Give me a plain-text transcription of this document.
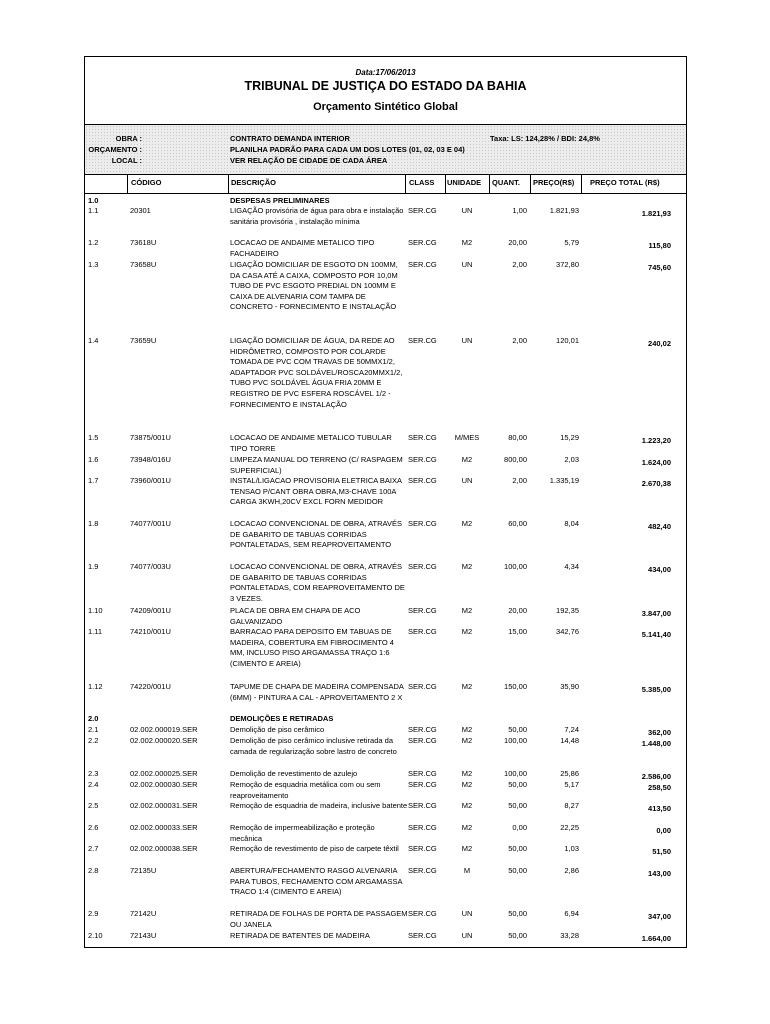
Data:17/06/2013
TRIBUNAL DE JUSTIÇA DO ESTADO DA BAHIA
Orçamento Sintético Global
OBRA :	CONTRATO DEMANDA INTERIOR	Taxa: LS: 124,28% / BDI: 24,8%
ORÇAMENTO :	PLANILHA PADRÃO PARA CADA UM DOS LOTES (01, 02, 03 E 04)
LOCAL :	VER RELAÇÃO DE CIDADE DE CADA ÁREA
CÓDIGO	DESCRIÇÃO	CLASS UNIDADE QUANT. PREÇO(R$) PREÇO TOTAL (R$)
1.0	DESPESAS PRELIMINARES
1.1	20301	LIGAÇÃO provisória de água para obra e instalação sanitária provisória , instalação mínima
SER.CG	UN	1,00	1.821,93	1.821,93
1.2	73618U	LOCACAO DE ANDAIME METALICO TIPO FACHADEIRO
SER.CG	M2	20,00	5,79	115,80
1.3	73658U	LIGAÇÃO DOMICILIAR DE ESGOTO DN 100MM, DA CASA ATÉ A CAIXA, COMPOSTO POR 10,0M TUBO DE PVC ESGOTO PREDIAL DN 100MM E CAIXA DE ALVENARIA COM TAMPA DE CONCRETO - FORNECIMENTO E INSTALAÇÃO
SER.CG	UN	2,00	372,80	745,60
1.4	73659U	LIGAÇÃO DOMICILIAR DE ÁGUA, DA REDE AO HIDRÔMETRO, COMPOSTO POR COLARDE TOMADA DE PVC COM TRAVAS DE 50MMX1/2, ADAPTADOR PVC SOLDÁVEL/ROSCA20MMX1/2, TUBO PVC SOLDÁVEL ÁGUA FRIA 20MM E REGISTRO DE PVC ESFERA ROSCÁVEL 1/2 - FORNECIMENTO E INSTALAÇÃO
SER.CG	UN	2,00	120,01	240,02
1.5	73875/001U	LOCACAO DE ANDAIME METALICO TUBULAR TIPO TORRE
SER.CG	M/MES	80,00	15,29	1.223,20
1.6	73948/016U	LIMPEZA MANUAL DO TERRENO (C/ RASPAGEM SUPERFICIAL)
SER.CG	M2	800,00	2,03	1.624,00
1.7	73960/001U	INSTAL/LIGACAO PROVISORIA ELETRICA BAIXA TENSAO P/CANT OBRA OBRA,M3-CHAVE 100A CARGA 3KWH,20CV EXCL FORN MEDIDOR
SER.CG	UN	2,00	1.335,19	2.670,38
1.8	74077/001U	LOCACAO CONVENCIONAL DE OBRA, ATRAVÉS DE GABARITO DE TABUAS CORRIDAS PONTALETADAS, SEM REAPROVEITAMENTO
SER.CG	M2	60,00	8,04	482,40
1.9	74077/003U	LOCACAO CONVENCIONAL DE OBRA, ATRAVÉS DE GABARITO DE TABUAS CORRIDAS PONTALETADAS, COM REAPROVEITAMENTO DE 3 VEZES.
SER.CG	M2	100,00	4,34	434,00
1.10	74209/001U	PLACA DE OBRA EM CHAPA DE ACO GALVANIZADO
SER.CG	M2	20,00	192,35	3.847,00
1.11	74210/001U	BARRACAO PARA DEPOSITO EM TABUAS DE MADEIRA, COBERTURA EM FIBROCIMENTO 4 MM, INCLUSO PISO ARGAMASSA TRAÇO 1:6 (CIMENTO E AREIA)
SER.CG	M2	15,00	342,76	5.141,40
1.12	74220/001U	TAPUME DE CHAPA DE MADEIRA COMPENSADA (6MM) - PINTURA A CAL - APROVEITAMENTO 2 X
SER.CG	M2	150,00	35,90	5.385,00
2.0	DEMOLIÇÕES E RETIRADAS
2.1	02.002.000019.SER	Demolição de piso cerâmico	SER.CG	M2	50,00	7,24	362,00
2.2	02.002.000020.SER	Demolição de piso cerâmico inclusive retirada da camada de regularização sobre lastro de concreto
SER.CG	M2	100,00	14,48	1.448,00
2.3	02.002.000025.SER	Demolição de revestimento de azulejo	SER.CG	M2	100,00	25,86	2.586,00
2.4	02.002.000030.SER	Remoção de esquadria metálica com ou sem reaproveitamento
SER.CG	M2	50,00	5,17	258,50
2.5	02.002.000031.SER	Remoção de esquadria de madeira, inclusive batente SER.CG	M2	50,00	8,27	413,50
2.6	02.002.000033.SER	Remoção de impermeabilização e proteção mecânica
SER.CG	M2	0,00	22,25	0,00
2.7	02.002.000038.SER	Remoção de revestimento de piso de carpete têxtil	SER.CG	M2	50,00	1,03	51,50
2.8	72135U	ABERTURA/FECHAMENTO RASGO ALVENARIA PARA TUBOS, FECHAMENTO COM ARGAMASSA TRACO 1:4 (CIMENTO E AREIA)
SER.CG	M	50,00	2,86	143,00
2.9	72142U	RETIRADA DE FOLHAS DE PORTA DE PASSAGEM OU JANELA
SER.CG	UN	50,00	6,94	347,00
2.10	72143U	RETIRADA DE BATENTES DE MADEIRA	SER.CG	UN	50,00	33,28	1.664,00
